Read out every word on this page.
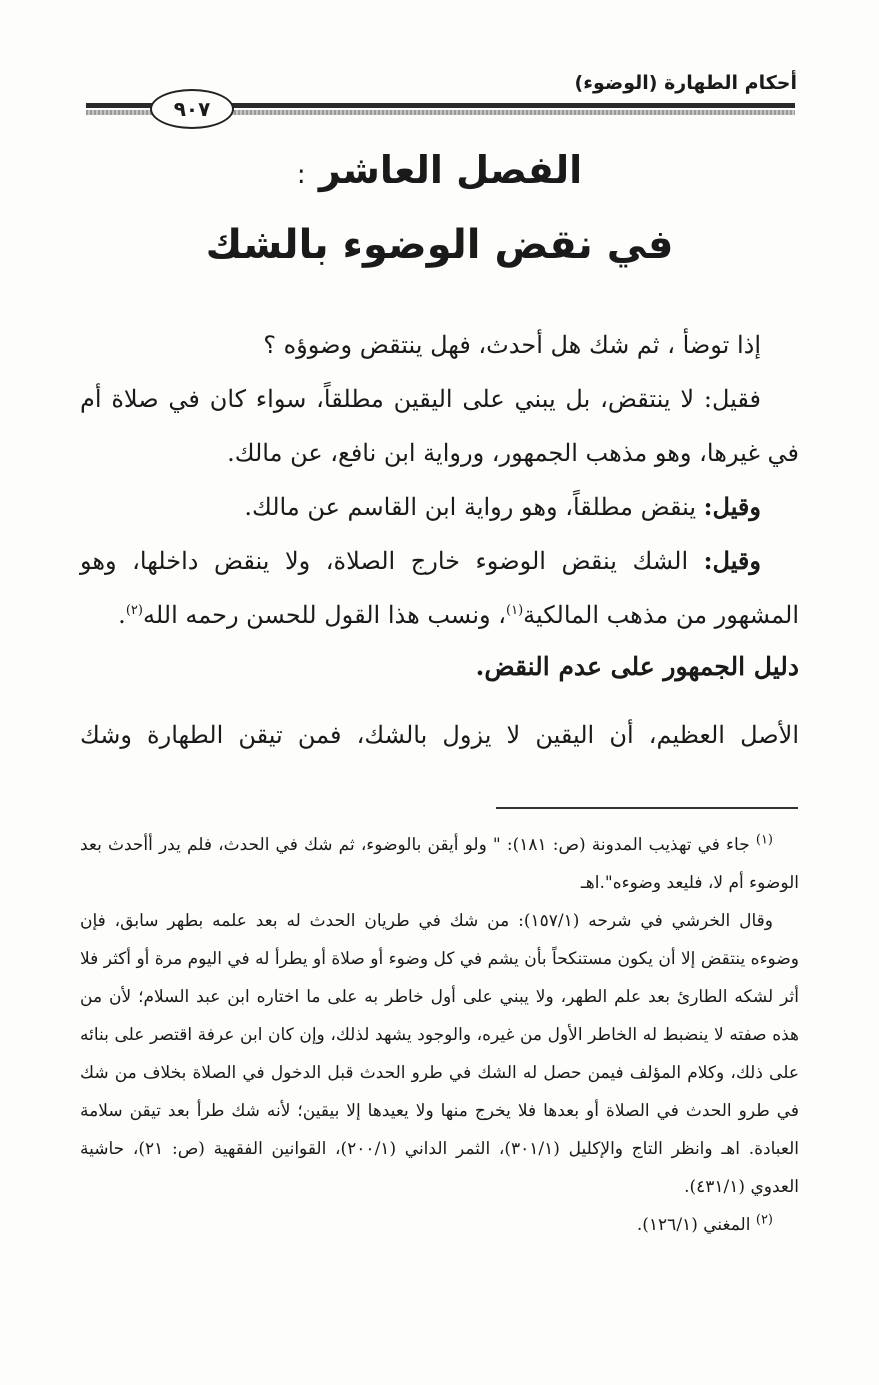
أحكام الطهارة (الوضوء)
٩٠٧
الفصل العاشر :
في نقض الوضوء بالشك

إذا توضأ ، ثم شك هل أحدث، فهل ينتقض وضوؤه ؟

فقيل: لا ينتقض، بل يبني على اليقين مطلقاً، سواء كان في صلاة أم في غيرها، وهو مذهب الجمهور، ورواية ابن نافع، عن مالك.

وقيل: ينقض مطلقاً، وهو رواية ابن القاسم عن مالك.

وقيل: الشك ينقض الوضوء خارج الصلاة، ولا ينقض داخلها، وهو المشهور من مذهب المالكية$^{(١)}$، ونسب هذا القول للحسن رحمه الله$^{(٢)}$.

دليل الجمهور على عدم النقض.
الأصل العظيم، أن اليقين لا يزول بالشك، فمن تيقن الطهارة وشك

$^{(١)}$ جاء في تهذيب المدونة (ص: ١٨١): " ولو أيقن بالوضوء، ثم شك في الحدث، فلم يدر أأحدث بعد الوضوء أم لا، فليعد وضوءه".اهـ

وقال الخرشي في شرحه (١٥٧/١): من شك في طريان الحدث له بعد علمه بطهر سابق، فإن وضوءه ينتقض إلا أن يكون مستنكحاً بأن يشم في كل وضوء أو صلاة أو يطرأ له في اليوم مرة أو أكثر فلا أثر لشكه الطارئ بعد علم الطهر، ولا يبني على أول خاطر به على ما اختاره ابن عبد السلام؛ لأن من هذه صفته لا ينضبط له الخاطر الأول من غيره، والوجود يشهد لذلك، وإن كان ابن عرفة اقتصر على بنائه على ذلك، وكلام المؤلف فيمن حصل له الشك في طرو الحدث قبل الدخول في الصلاة بخلاف من شك في طرو الحدث في الصلاة أو بعدها فلا يخرج منها ولا يعيدها إلا بيقين؛ لأنه شك طرأ بعد تيقن سلامة العبادة. اهـ وانظر التاج والإكليل (٣٠١/١)، الثمر الداني (٢٠٠/١)، القوانين الفقهية (ص: ٢١)، حاشية العدوي (٤٣١/١).

$^{(٢)}$ المغني (١٢٦/١).
